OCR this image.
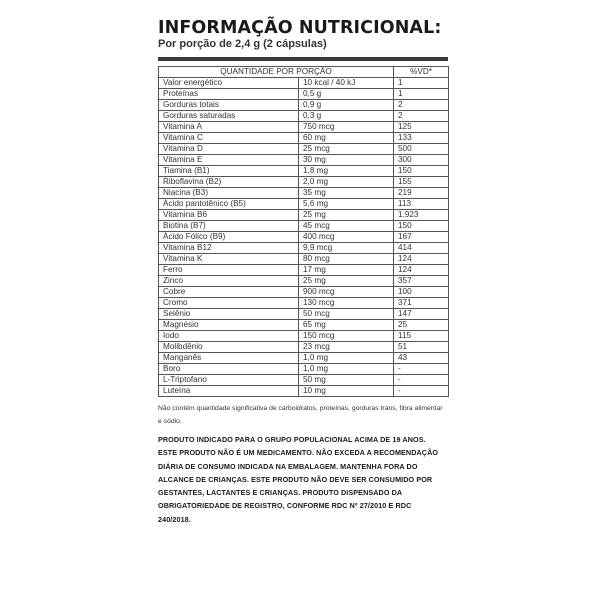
INFORMAÇÃO NUTRICIONAL:
Por porção de 2,4 g (2 cápsulas)
QUANTIDADE POR PORÇÃO		%VD*
Valor energético	10 kcal / 40 kJ	1
Proteínas	0,5 g	1
Gorduras totais	0,9 g	2
Gorduras saturadas	0,3 g	2
Vitamina A	750 mcg	125
Vitamina C	60 mg	133
Vitamina D	25 mcg	500
Vitamina E	30 mg	300
Tiamina (B1)	1,8 mg	150
Riboflavina (B2)	2,0 mg	155
Niacina (B3)	35 mg	219
Ácido pantotênico (B5)	5,6 mg	113
Vitamina B6	25 mg	1.923
Biotina (B7)	45 mcg	150
Ácido Fólico (B9)	400 mcg	167
Vitamina B12	9,9 mcg	414
Vitamina K	80 mcg	124
Ferro	17 mg	124
Zinco	25 mg	357
Cobre	900 mcg	100
Cromo	130 mcg	371
Selênio	50 mcg	147
Magnésio	65 mg	25
Iodo	150 mcg	115
Molibdênio	23 mcg	51
Manganês	1,0 mg	43
Boro	1,0 mg	-
L-Triptofano	50 mg	-
Luteína	10 mg	-
Não contém quantidade significativa de carboidratos, proteínas, gorduras trans, fibra alimentar e sódio.
PRODUTO INDICADO PARA O GRUPO POPULACIONAL ACIMA DE 19 ANOS.
ESTE PRODUTO NÃO É UM MEDICAMENTO. NÃO EXCEDA A RECOMENDAÇÃO
DIÁRIA DE CONSUMO INDICADA NA EMBALAGEM. MANTENHA FORA DO
ALCANCE DE CRIANÇAS. ESTE PRODUTO NÃO DEVE SER CONSUMIDO POR
GESTANTES, LACTANTES E CRIANÇAS. PRODUTO DISPENSADO DA
OBRIGATORIEDADE DE REGISTRO, CONFORME RDC Nº 27/2010 E RDC
240/2018.
